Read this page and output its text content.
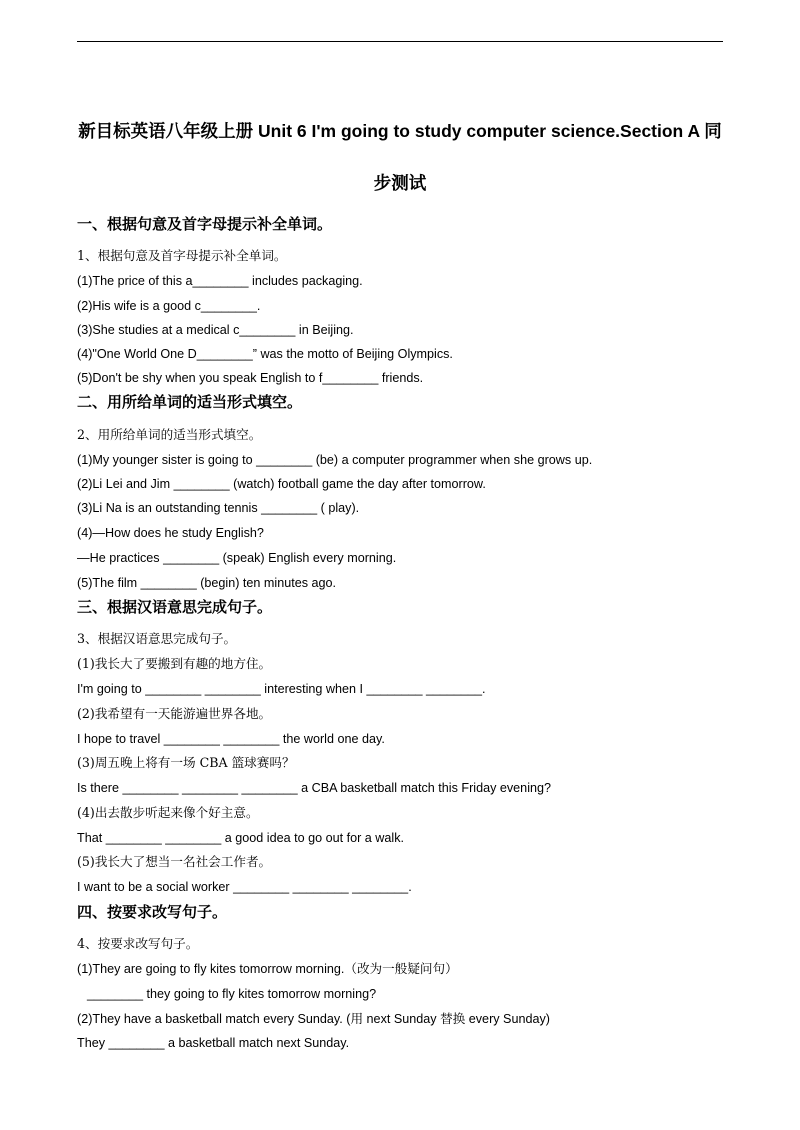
新目标英语八年级上册 Unit 6 I'm going to study computer science.Section A 同
步测试
一、根据句意及首字母提示补全单词。
1、根据句意及首字母提示补全单词。
(1)The price of this a________ includes packaging.
(2)His wife is a good c________.
(3)She studies at a medical c________ in Beijing.
(4)"One World One D________” was the motto of Beijing Olympics.
(5)Don't be shy when you speak English to f________ friends.
二、用所给单词的适当形式填空。
2、用所给单词的适当形式填空。
(1)My younger sister is going to ________ (be) a computer programmer when she grows up.
(2)Li Lei and Jim ________ (watch) football game the day after tomorrow.
(3)Li Na is an outstanding tennis ________ ( play).
(4)—How does he study English?
—He practices ________ (speak) English every morning.
(5)The film ________ (begin) ten minutes ago.
三、根据汉语意思完成句子。
3、根据汉语意思完成句子。
(1)我长大了要搬到有趣的地方住。
I'm going to ________ ________ interesting when I ________ ________.
(2)我希望有一天能游遍世界各地。
I hope to travel ________ ________ the world one day.
(3)周五晚上将有一场 CBA 篮球赛吗？
Is there ________ ________ ________ a CBA basketball match this Friday evening?
(4)出去散步听起来像个好主意。
That ________ ________ a good idea to go out for a walk.
(5)我长大了想当一名社会工作者。
I want to be a social worker ________ ________ ________.
四、按要求改写句子。
4、按要求改写句子。
(1)They are going to fly kites tomorrow morning.（改为一般疑问句）
________ they going to fly kites tomorrow morning?
(2)They have a basketball match every Sunday. (用 next Sunday 替换 every Sunday)
They ________ a basketball match next Sunday.
